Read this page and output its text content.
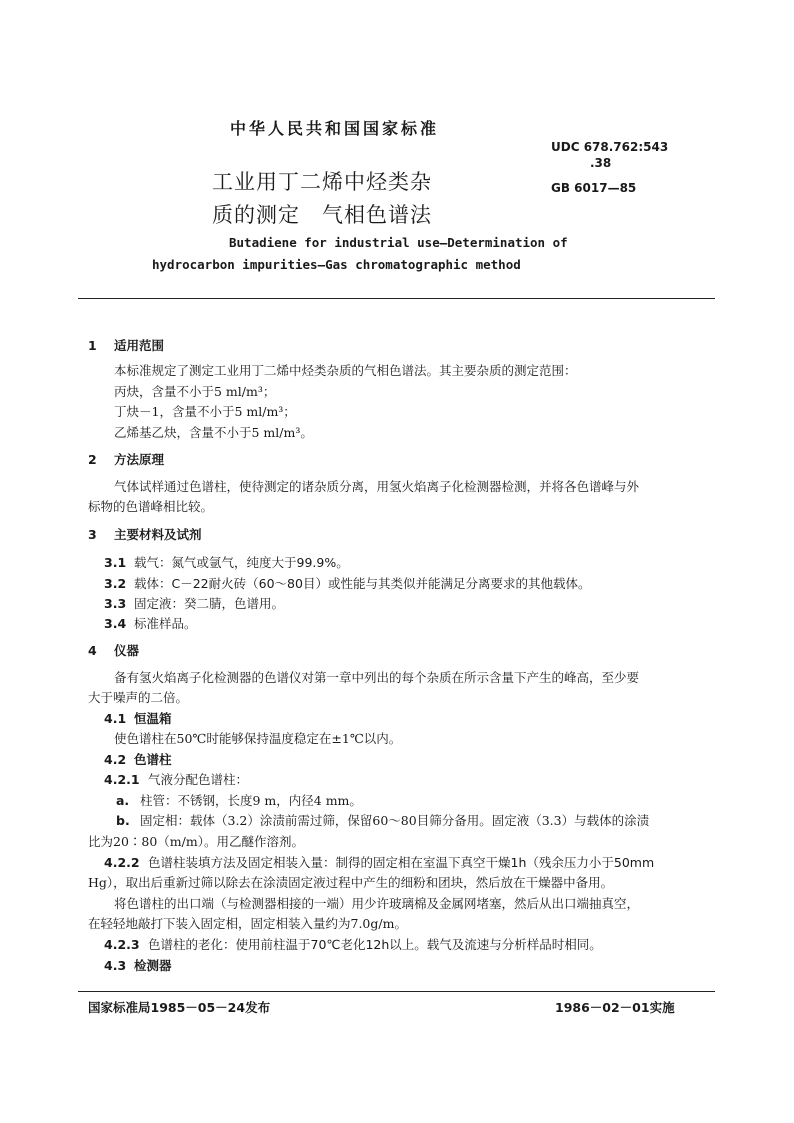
中华人民共和国国家标准
UDC 678.762:543
.38
GB 6017—85
工业用丁二烯中烃类杂
质的测定　气相色谱法
Butadiene for industrial use—Determination of
hydrocarbon impurities—Gas chromatographic method
1 适用范围
本标准规定了测定工业用丁二烯中烃类杂质的气相色谱法。其主要杂质的测定范围：
丙炔，含量不小于5 ml/m³；
丁炔－1，含量不小于5 ml/m³；
乙烯基乙炔，含量不小于5 ml/m³。
2 方法原理
气体试样通过色谱柱，使待测定的诸杂质分离，用氢火焰离子化检测器检测，并将各色谱峰与外
标物的色谱峰相比较。
3 主要材料及试剂
3.1 载气：氮气或氩气，纯度大于99.9%。
3.2 载体：C－22耐火砖（60～80目）或性能与其类似并能满足分离要求的其他载体。
3.3 固定液：癸二腈，色谱用。
3.4 标准样品。
4 仪器
备有氢火焰离子化检测器的色谱仪对第一章中列出的每个杂质在所示含量下产生的峰高，至少要
大于噪声的二倍。
4.1 恒温箱
使色谱柱在50℃时能够保持温度稳定在±1℃以内。
4.2 色谱柱
4.2.1 气液分配色谱柱：
a. 柱管：不锈钢，长度9 m，内径4 mm。
b. 固定相：载体（3.2）涂渍前需过筛，保留60～80目筛分备用。固定液（3.3）与载体的涂渍
比为20∶80（m/m）。用乙醚作溶剂。
4.2.2 色谱柱装填方法及固定相装入量：制得的固定相在室温下真空干燥1h（残余压力小于50mm
Hg），取出后重新过筛以除去在涂渍固定液过程中产生的细粉和团块，然后放在干燥器中备用。
将色谱柱的出口端（与检测器相接的一端）用少许玻璃棉及金属网堵塞，然后从出口端抽真空，
在轻轻地敲打下装入固定相，固定相装入量约为7.0g/m。
4.2.3 色谱柱的老化：使用前柱温于70℃老化12h以上。载气及流速与分析样品时相同。
4.3 检测器
国家标准局1985－05－24发布	1986－02－01实施
